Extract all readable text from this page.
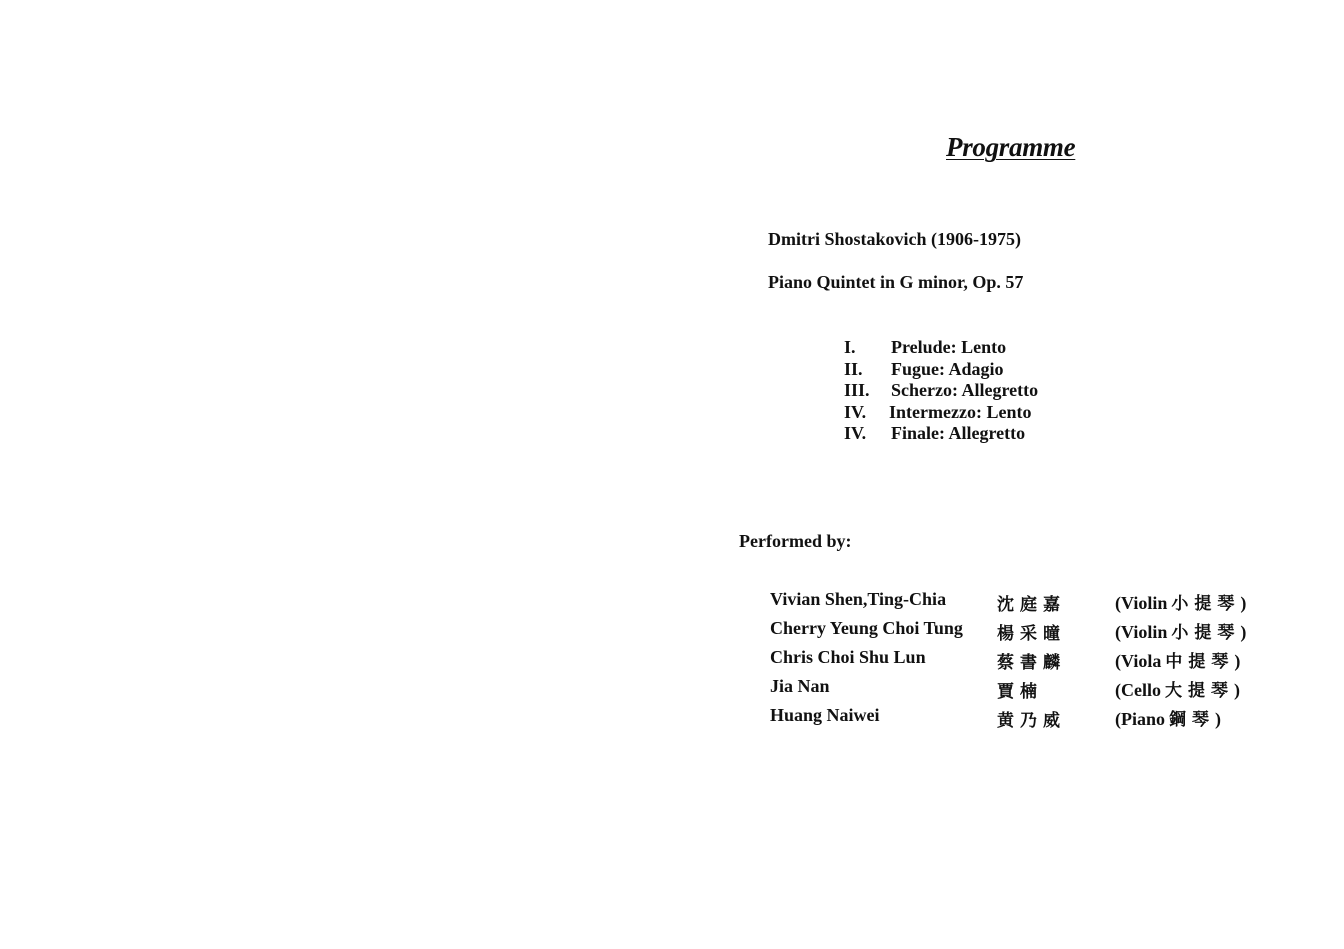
Programme
Dmitri Shostakovich (1906-1975)
Piano Quintet in G minor, Op. 57
I. Prelude: Lento
II. Fugue: Adagio
III. Scherzo: Allegretto
IV. Intermezzo: Lento
IV. Finale: Allegretto
Performed by:
Vivian Shen,Ting-Chia	沈庭嘉	(Violin 小提琴)
Cherry Yeung Choi Tung 楊采曈	(Violin 小提琴)
Chris Choi Shu Lun	蔡書麟	(Viola 中提琴)
Jia Nan	賈楠	(Cello 大提琴)
Huang Naiwei	黄乃威	(Piano 鋼琴)
